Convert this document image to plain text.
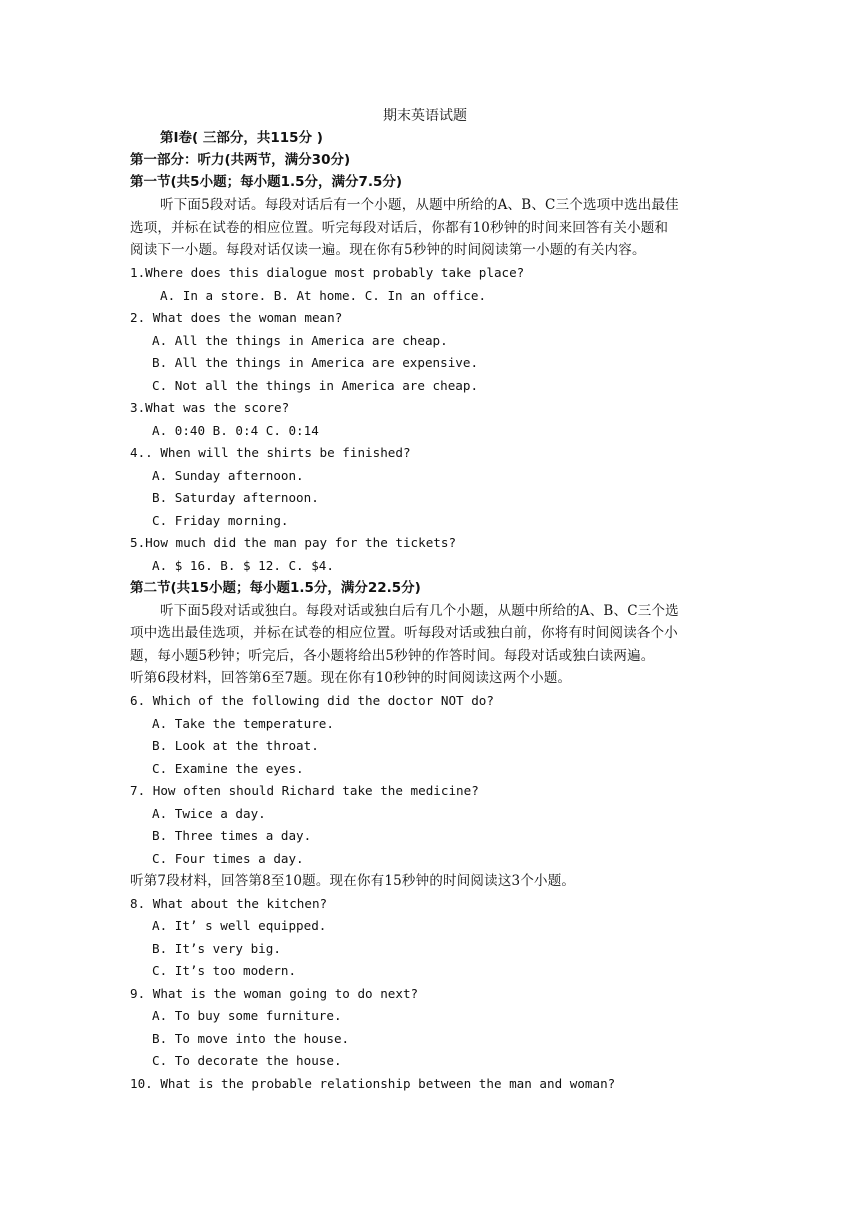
期末英语试题
第Ⅰ卷( 三部分，共115分 )
第一部分：听力(共两节，满分30分)
第一节(共5小题；每小题1.5分，满分7.5分)
听下面5段对话。每段对话后有一个小题，从题中所给的A、B、C三个选项中选出最佳
选项，并标在试卷的相应位置。听完每段对话后，你都有10秒钟的时间来回答有关小题和
阅读下一小题。每段对话仅读一遍。现在你有5秒钟的时间阅读第一小题的有关内容。
1.Where does this dialogue most probably take place?
A. In a store. B. At home. C. In an office.
2. What does the woman mean?
A. All the things in America are cheap.
B. All the things in America are expensive.
C. Not all the things in America are cheap.
3.What was the score?
A. 0:40 B. 0:4 C. 0:14
4.. When will the shirts be finished?
A. Sunday afternoon.
B. Saturday afternoon.
C. Friday morning.
5.How much did the man pay for the tickets?
A. $ 16. B. $ 12. C. $4.
第二节(共15小题；每小题1.5分，满分22.5分)
听下面5段对话或独白。每段对话或独白后有几个小题，从题中所给的A、B、C三个选
项中选出最佳选项，并标在试卷的相应位置。听每段对话或独白前，你将有时间阅读各个小
题，每小题5秒钟；听完后，各小题将给出5秒钟的作答时间。每段对话或独白读两遍。
听第6段材料，回答第6至7题。现在你有10秒钟的时间阅读这两个小题。
6. Which of the following did the doctor NOT do?
A. Take the temperature.
B. Look at the throat.
C. Examine the eyes.
7. How often should Richard take the medicine?
A. Twice a day.
B. Three times a day.
C. Four times a day.
听第7段材料，回答第8至10题。现在你有15秒钟的时间阅读这3个小题。
8. What about the kitchen?
A. It’ s well equipped.
B. It’s very big.
C. It’s too modern.
9. What is the woman going to do next?
A. To buy some furniture.
B. To move into the house.
C. To decorate the house.
10. What is the probable relationship between the man and woman?
